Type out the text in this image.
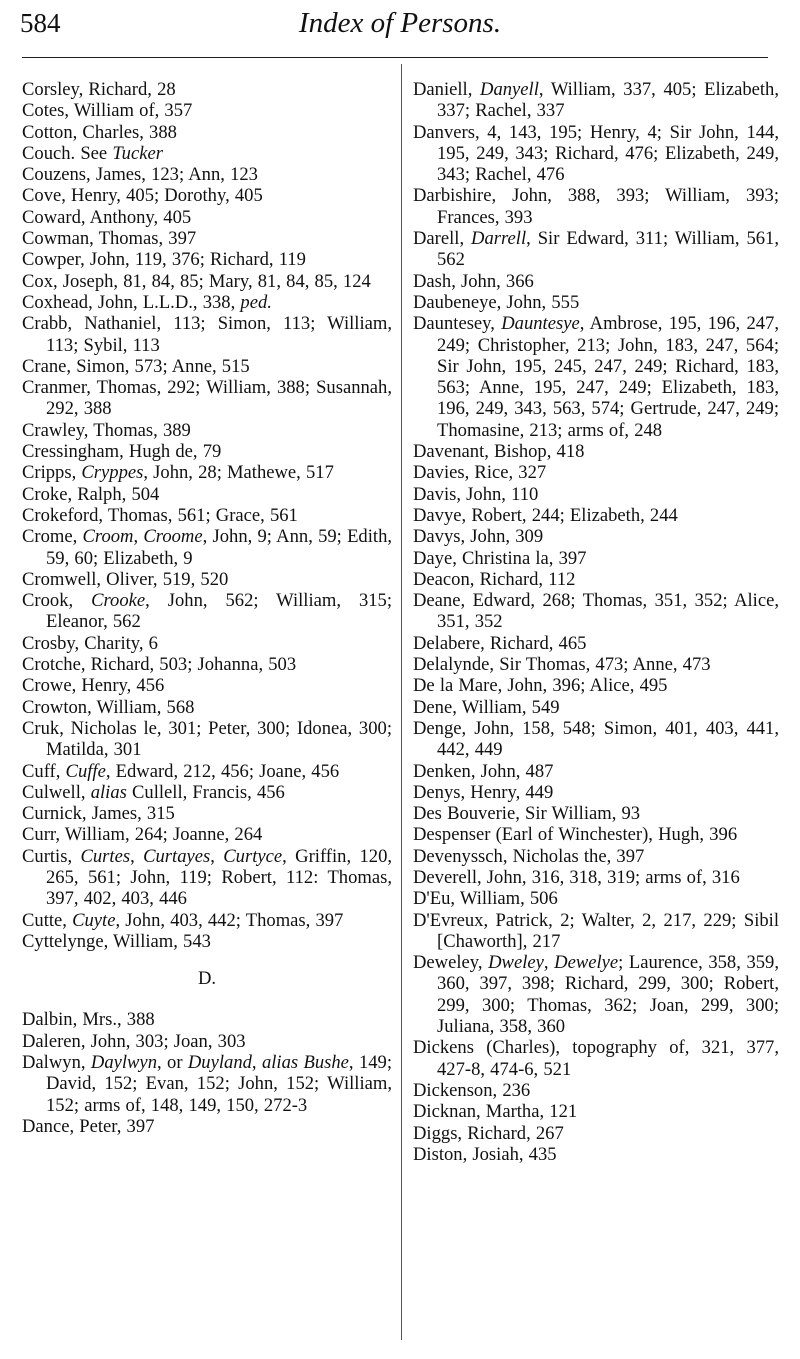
584	Index of Persons.

Corsley, Richard, 28

Cotes, William of, 357

Cotton, Charles, 388

Couch. See Tucker

Couzens, James, 123; Ann, 123

Cove, Henry, 405; Dorothy, 405

Coward, Anthony, 405

Cowman, Thomas, 397

Cowper, John, 119, 376; Richard, 119

Cox, Joseph, 81, 84, 85; Mary, 81, 84, 85, 124

Coxhead, John, L.L.D., 338, ped.

Crabb, Nathaniel, 113; Simon, 113; William, 113; Sybil, 113

Crane, Simon, 573; Anne, 515

Cranmer, Thomas, 292; William, 388; Susannah, 292, 388

Crawley, Thomas, 389

Cressingham, Hugh de, 79

Cripps, Cryppes, John, 28; Mathewe, 517

Croke, Ralph, 504

Crokeford, Thomas, 561; Grace, 561

Crome, Croom, Croome, John, 9; Ann, 59; Edith, 59, 60; Elizabeth, 9

Cromwell, Oliver, 519, 520

Crook, Crooke, John, 562; William, 315; Eleanor, 562

Crosby, Charity, 6

Crotche, Richard, 503; Johanna, 503

Crowe, Henry, 456

Crowton, William, 568

Cruk, Nicholas le, 301; Peter, 300; Idonea, 300; Matilda, 301

Cuff, Cuffe, Edward, 212, 456; Joane, 456

Culwell, alias Cullell, Francis, 456

Curnick, James, 315

Curr, William, 264; Joanne, 264

Curtis, Curtes, Curtayes, Curtyce, Griffin, 120, 265, 561; John, 119; Robert, 112: Thomas, 397, 402, 403, 446

Cutte, Cuyte, John, 403, 442; Thomas, 397

Cyttelynge, William, 543

D.

Dalbin, Mrs., 388

Daleren, John, 303; Joan, 303

Dalwyn, Daylwyn, or Duyland, alias Bushe, 149; David, 152; Evan, 152; John, 152; William, 152; arms of, 148, 149, 150, 272-3

Dance, Peter, 397

Daniell, Danyell, William, 337, 405; Elizabeth, 337; Rachel, 337

Danvers, 4, 143, 195; Henry, 4; Sir John, 144, 195, 249, 343; Richard, 476; Elizabeth, 249, 343; Rachel, 476

Darbishire, John, 388, 393; William, 393; Frances, 393

Darell, Darrell, Sir Edward, 311; William, 561, 562

Dash, John, 366

Daubeneye, John, 555

Dauntesey, Dauntesye, Ambrose, 195, 196, 247, 249; Christopher, 213; John, 183, 247, 564; Sir John, 195, 245, 247, 249; Richard, 183, 563; Anne, 195, 247, 249; Elizabeth, 183, 196, 249, 343, 563, 574; Gertrude, 247, 249; Thomasine, 213; arms of, 248

Davenant, Bishop, 418

Davies, Rice, 327

Davis, John, 110

Davye, Robert, 244; Elizabeth, 244

Davys, John, 309

Daye, Christina la, 397

Deacon, Richard, 112

Deane, Edward, 268; Thomas, 351, 352; Alice, 351, 352

Delabere, Richard, 465

Delalynde, Sir Thomas, 473; Anne, 473

De la Mare, John, 396; Alice, 495

Dene, William, 549

Denge, John, 158, 548; Simon, 401, 403, 441, 442, 449

Denken, John, 487

Denys, Henry, 449

Des Bouverie, Sir William, 93

Despenser (Earl of Winchester), Hugh, 396

Devenyssch, Nicholas the, 397

Deverell, John, 316, 318, 319; arms of, 316

D'Eu, William, 506

D'Evreux, Patrick, 2; Walter, 2, 217, 229; Sibil [Chaworth], 217

Deweley, Dweley, Dewelye; Laurence, 358, 359, 360, 397, 398; Richard, 299, 300; Robert, 299, 300; Thomas, 362; Joan, 299, 300; Juliana, 358, 360

Dickens (Charles), topography of, 321, 377, 427-8, 474-6, 521

Dickenson, 236

Dicknan, Martha, 121

Diggs, Richard, 267

Diston, Josiah, 435
